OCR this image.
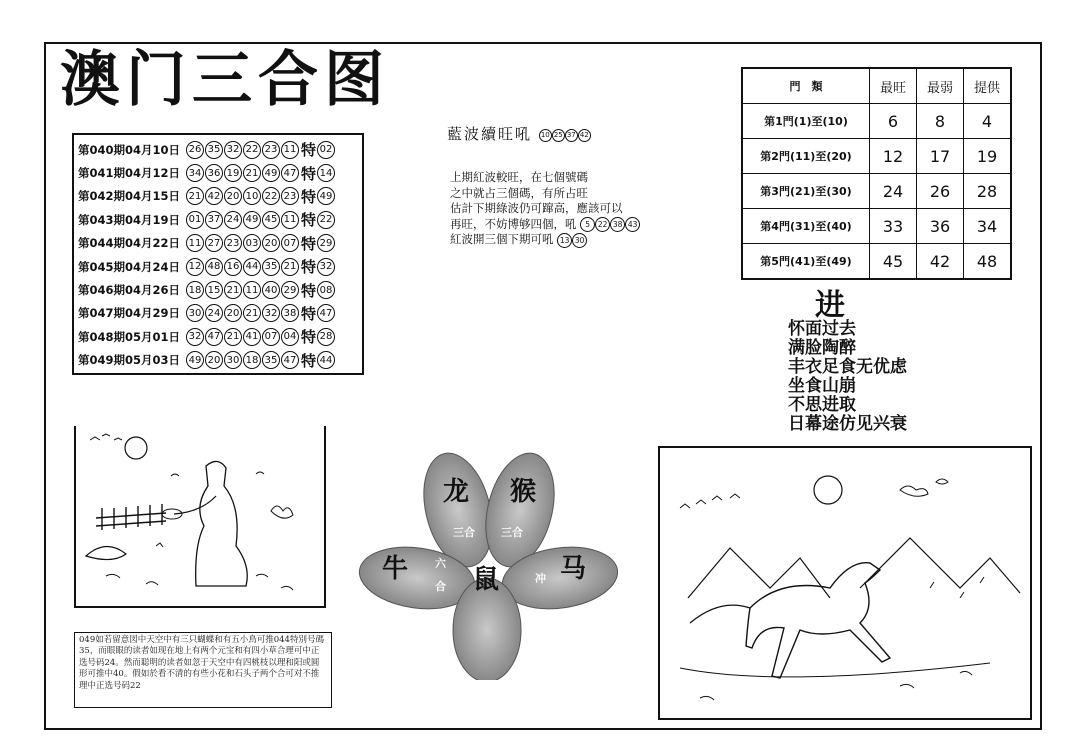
澳门三合图
第040期04月10日 26 35 32 22 23 11 特 02
第041期04月12日 34 36 19 21 49 47 特 14
第042期04月15日 21 42 20 10 22 23 特 49
第043期04月19日 01 37 24 49 45 11 特 22
第044期04月22日 11 27 23 03 20 07 特 29
第045期04月24日 12 48 16 44 35 21 特 32
第046期04月26日 18 15 21 11 40 29 特 08
第047期04月29日 30 24 20 21 32 38 特 47
第048期05月01日 32 47 21 41 07 04 特 28
第049期05月03日 49 20 30 18 35 47 特 44
藍波續旺吼 10 25 37 42
上期紅波較旺，在七個號碼
之中就占三個碼，有所占旺
估計下期綠波仍可蹿高，應該可以
再旺，不妨博够四個，吼 5 22 38 43
紅波開三個下期可吼 13 30
門　類	最旺	最弱	提供
第1門(1)至(10)	6	8	4
第2門(11)至(20)	12	17	19
第3門(21)至(30)	24	26	28
第4門(31)至(40)	33	36	34
第5門(41)至(49)	45	42	48
进
怀面过去
满脸陶醉
丰衣足食无优虑
坐食山崩
不思进取
日幕途仿见兴衰
龙 猴
牛 鼠 马
三合 三合
六
合
冲
049如若留意図中天空中有三只蝴蝶和有五小鳥可推044特別号碼35，而眼眼的读者如现在地上有两个元宝和有四小草合理可中正选号码24。然而聪明的读者如忽于天空中有四桃枝以理和阳或圆形可推中40。假如於看不清的有些小花和石头子两个合可对不推理中正选号码22
